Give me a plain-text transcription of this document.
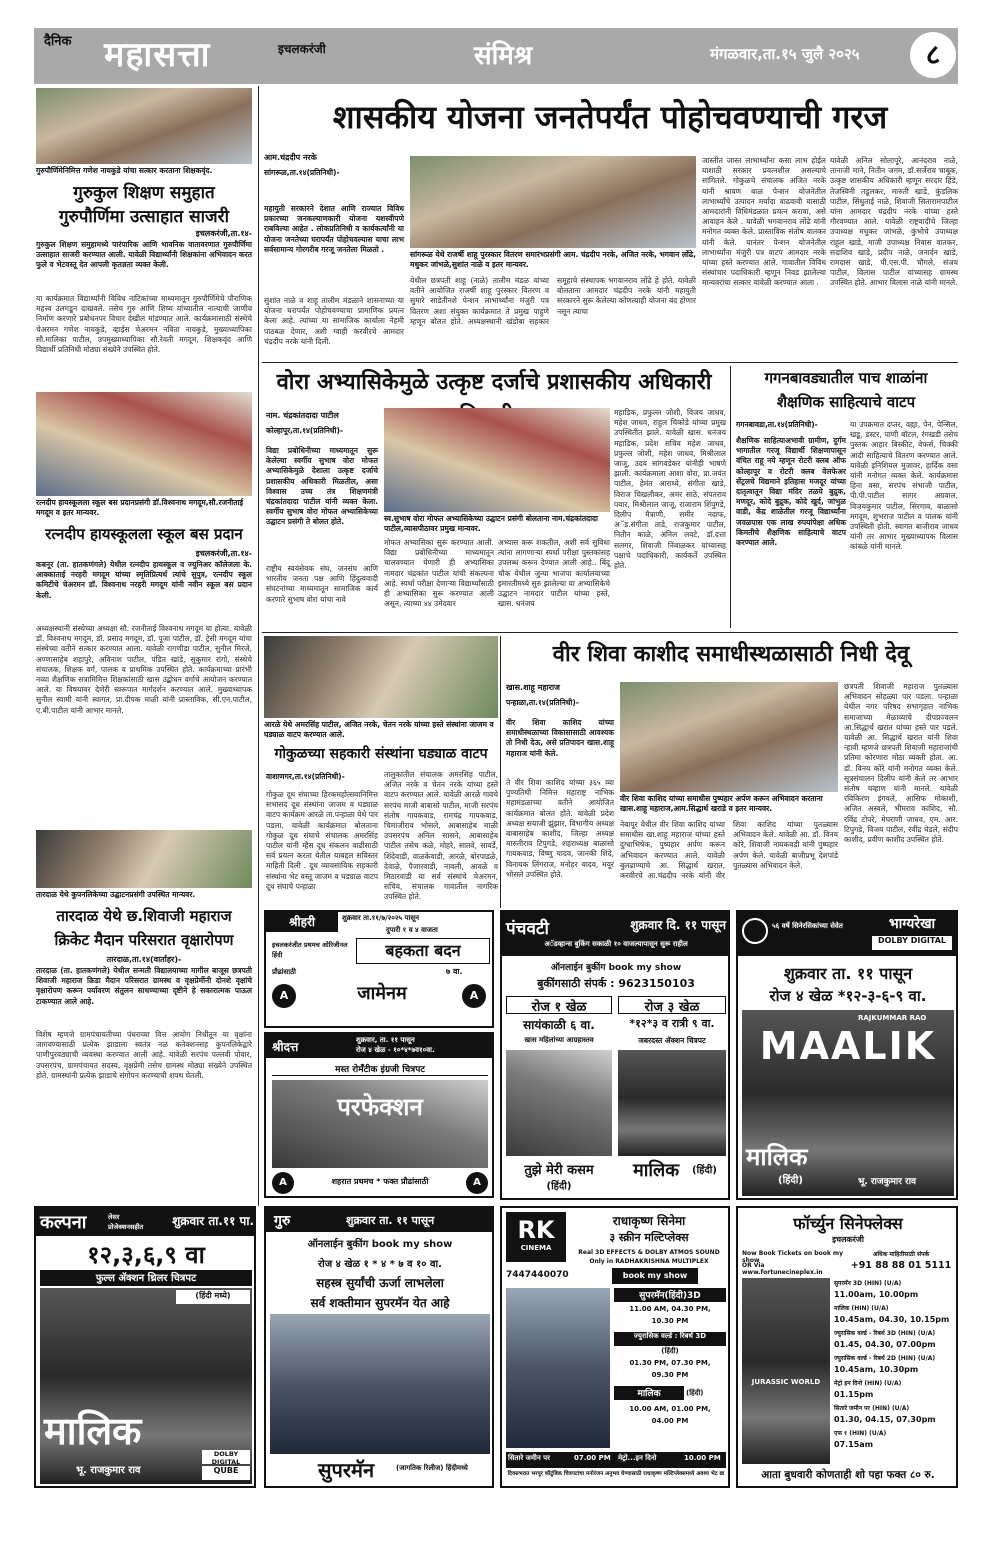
दैनिक महासत्ता	इचलकरंजी	संमिश्र	मंगळवार,ता.१५ जुलै २०२५	८
गुरुपौर्णिमेनिमित्त गणेश नायकुडे यांचा सत्कार करताना शिक्षकवृंद.
गुरुकुल शिक्षण समुहात
गुरुपौर्णिमा उत्साहात साजरी
इचलकरंजी,ता.१४-
गुरुकुल शिक्षण समुहामध्ये पारंपारिक आणि भावनिक वातावरणात गुरुपौर्णिमा उत्साहात साजरी करण्यात आली. यावेळी विद्यार्थ्यांनी शिक्षकांना अभिवादन करत फुले व भेटवस्तू देत आपली कृतज्ञता व्यक्त केली.
या कार्यक्रमात विद्यार्थ्यांनी विविध नाटिकांच्या माध्यमातून गुरुपौर्णिमेचे पौराणिक महत्त्व उलगडून दाखवले. तसेच गुरु आणि शिष्य यांच्यातील नात्याची जाणीव निर्माण करणारे प्रबोधनपर विचार देखील मांडण्यात आले. कार्यक्रमासाठी संस्थेचे चेअरमन गणेश नायकुडे, व्हाईस चेअरमन नविता नायकुडे, मुख्याध्यापिका सौ.मालिका पाटील, उपमुख्याध्यापिका सौ.रेवती मगदूम, शिक्षकवृंद आणि विद्यार्थी प्रतिनिधी मोठ्या संख्येने उपस्थित होते.
रत्नदीप हायस्कूलला स्कूल बस प्रदानप्रसंगी डॉ.विश्वनाथ मगदूम,सौ.रजनीताई मगदूम व इतर मान्यवर.
रत्नदीप हायस्कूलला स्कूल बस प्रदान
इचलकरंजी,ता.१४-
कबनूर (ता. हातकणंगले) येथील रत्नदीप हायस्कूल व ज्युनिअर कॉलेजला के. आक्काताई नरहरी मगदूम यांच्या स्मृतिप्रित्यर्थ त्यांचे सुपुत्र, रत्नदीप स्कूल कमिटीचे चेअरमन डॉ. विश्वनाथ नरहरी मगदूम यांनी नवीन स्कूल बस प्रदान केली.
अध्यक्षस्थानी संस्थेच्या अध्यक्षा सौ. रजनीताई विश्वनाथ मगदूम या होत्या. यावेळी डॉ. विश्वनाथ मगदूम, डॉ. प्रसाद मगदूम, डॉ. पूजा पाटील, डॉ. ट्रेसी मगदूम यांचा संस्थेच्या वतीने सत्कार करण्यात आला. यावेळी रागणीडा पाटील, सुनील मिरजे, अण्णासाहेब शहापुरे, अविनाश पाटील, पंडित खांडे, सुकुमार रांगो, संस्थेचे संचालक, शिक्षक वर्ग, पालक व प्राथमिक उपस्थित होते. कार्यक्रमाच्या प्रारंभी नव्या शैक्षणिक सत्रामिमित्त शिक्षकांसाठी खास उद्बोधन वर्गाचे आयोजन करण्यात आले. या विषयावर देणेरी स्वरूपात मार्गदर्शन करण्यात आले. मुख्याध्यापक सुनील स्वामी यांनी स्वागत, प्रा.दीपक माळी यांनी प्रास्ताविक, सी.एन.पाटील, ए.बी.पाटील यांनी आभार मानले.
तारदाळ येथे कुपनलिकेच्या उद्घाटनप्रसंगी उपस्थित मान्यवर.
तारदाळ येथे छ.शिवाजी महाराज
क्रिकेट मैदान परिसरात वृक्षारोपण
तारदाळ,ता.१४(वार्ताहर)-
तारदाळ (ता. हातकणंगले) येथील सन्मती विद्यालयाच्या मागील बाजूस छत्रपती शिवाजी महाराज क्रिडा मैदान परिसरात ग्रामस्थ व वृक्षप्रेमींनी दोनशे वृक्षांचे वृक्षारोपण करून पर्यावरण संतुलन साधण्याच्या दृष्टीने हे सकारात्मक पाऊल टाकण्यात आले आहे.
विशेष म्हणजे ग्रामपंचायतीच्या पंधराव्या वित्त आयोग निधीतून या वृक्षांना जागवण्यासाठी प्रत्येक झाडाला स्वतंत्र नळ कनेक्शनसह कुपनलिकेद्वारे पाणीपुरवठ्याची व्यवस्था करण्यात आली आहे. यावेळी सरपंच पल्लवी पोवार, उपसरपंच, ग्रामपंचायत सदस्य, वृक्षप्रेमी तसेच ग्रामस्थ मोठ्या संख्येने उपस्थित होते. ग्रामस्थांनी प्रत्येक झाडाचे संगोपन करण्याची शपथ घेतली.
शासकीय योजना जनतेपर्यंत पोहोचवण्याची गरज
आम.चंद्रदीप नरके
सांगरूळ,ता.१४(प्रतिनिधी)-
महायुती सरकारने देशात आणि राज्यात विविध प्रकारच्या जनकल्याणकारी योजना यशस्वीपणे राबविल्या आहेत . लोकप्रतिनिधी व कार्यकर्त्यांनी या योजना जनतेच्या घरापर्यंत पोहोचवल्यास याचा लाभ सर्वसामान्य गोरगरीब गरजू जनतेला मिळतो .
सुशांत नाळे व शाहू तालीम मंडळाने शासनाच्या या योजना घरापर्यंत पोहोचवण्याचा प्रामाणिक प्रयत्न केला आहे. त्यांच्या या सामाजिक कार्याला नेहमी पाठबळ देणार, अशी ग्वाही करवीरचे आमदार चंद्रदीप नरके यांनी दिली.
सांगरूळ येथे राजर्षी शाहू पुरस्कार वितरण समारंभप्रसंगी आम. चंद्रदीप नरके, अजित नरके, भगवान लोंढे, मधुकर जांभळे,सुशांत नाळे व इतर मान्यवर.
येथील छत्रपती शाहू (नाळे) तालीम मंडळ यांच्या वतीने आयोजित राजर्षी शाहू पुरस्कार वितरण व सुमारे साडेतीनशे पेन्शन लाभार्थ्यांना मंजुरी पत्र वितरण अशा संयुक्त कार्यक्रमात ते प्रमुख पाहुणे म्हणून बोलत होते. अध्यक्षस्थानी खंडोबा सहकार समूहाचे संस्थापक भगवानराव लोंढे हे होते. यावेळी बोलताना आमदार चंद्रदीप नरके यांनी महायुती सरकारने सुरू केलेल्या कोणत्याही योजना बंद होणार नसून त्याचा
जास्तीत जास्त लाभार्थ्यांना कसा लाभ होईल याशाठी सरकार प्रयत्नशील असल्याचे सांगितले. गोकुळचे संचालक अजित नरके यांनी श्रावण बाळ पेन्शन योजनेतील लाभार्थ्यांचे उत्पादन मर्यादा वाढवावी यासाठी आमदारांनी विधिमंडळात प्रयत्न करावा, असे आवाहन केले . यावेळी भगवानराव लोंढे यांनी मनोगत व्यक्त केले. प्रास्ताविक संतोष वातकर यांनी केले. यानंतर पेन्शन योजनेतील लाभार्थ्यांना मंजुरी पत्र वाटप आमदार नरके यांच्या हस्ते करण्यात आले. गावातील विविध संस्थांचार पदाधिकारी म्हणून निवड झालेल्या मान्यवरांचा सत्कार यावेळी करण्यात आला .
यावेळी अनिल सोलापूरे, आनंदराव नाळे, तानाजी माने, नितीन जगम, डॉ.सर्जेराव चाबूक, उत्कृष्ट शासकीय अधिकारी म्हणून सरदार हिंडे, तेजस्विनी तडूलकर, मारुती खाडे, कुंडलिक पाटील, सिंधुताई नाळे, शिवाजी सितारामपाटील यांना आमदार चंद्रदीप नरके यांच्या हस्ते गौरवण्यात आले. यावेळी राष्ट्रवादीचे जिल्हा उपाध्यक्ष मधुकर जांभळे, कुंभोचे उपाध्यक्ष राहुल खाडे, माजी उपाध्यक्ष निवास वातकर, सदाशिव खाडे, प्रदीप नाळे, जनार्दन खाडे, रामदास खाडे, पी.एस.पी. चौगले, संजय पाटील, विलास पाटील यांच्यासह ग्रामस्थ उपस्थित होते. आभार विलास नाळे यांनी मानले.
वोरा अभ्यासिकेमुळे उत्कृष्ट दर्जाचे प्रशासकीय अधिकारी
नाम. चंद्रकांतदादा पाटील
कोल्हापूर,ता.१४(प्रतिनिधी)-
विद्या प्रबोधिनीच्या माध्यमातून सुरू केलेल्या स्वर्गीय सुभाष वोरा मोफत अभ्यासिकेमुळे देशाला उत्कृष्ट दर्जाचे प्रशासकीय अधिकारी मिळतील, असा विश्वास उच्च तंत्र शिक्षणमंत्री चंद्रकांतदादा पाटील यांनी व्यक्त केला. स्वर्गीय सुभाष वोरा मोफत अभ्यासिकेच्या उद्घाटन प्रसंगी ते बोलत होते.
राष्ट्रीय स्वयंसेवक संघ, जनसंघ आणि भारतीय जनता पक्ष आणि हिंदुत्ववादी संघटनांच्या माध्यमातून सामाजिक कार्य करणारे सुभाष वोरा यांचा नावे
स्व.सुभाष वोरा मोफत अभ्यासिकेच्या उद्घाटन प्रसंगी बोलताना नाम.चंद्रकांतदादा पाटील,व्यासपीठावर प्रमुख मान्यवर.
मोफत अभ्यासिका सुरू करण्यात आली. विद्या प्रबोधिनीच्या माध्यमातून चालवण्यात येणारी ही अभ्यासिका नामदार चंद्रकांत पाटील यांची संकल्पना आहे. स्पर्धा परीक्षा देणाऱ्या विद्यार्थ्यांसाठी ही अभ्यासिका सुरू करण्यात आली असून, त्याच्या ४४ उमेदवार
अभ्यास करू शकतील, अशी सर्व सुविधा त्यांना लागणाऱ्या स्पर्धा परीक्षा पुस्तकांसह उपलब्ध करून देण्यात आली आहे.. बिंदू चौक येथील जुन्या भाजपा कार्यालयाच्या इमारतीमध्ये सुरु झालेल्या या अभ्यासिकेचे उद्घाटन नामदार पाटील यांच्या हस्ते, खास. धनंजय
महाडिक, प्रफुल्ल जोशी, विजय जाधव, महेश जाधव, राहुल चिकोडे यांच्या प्रमुख उपस्थितीत झाले. यावेळी खास. धनंजय महाडिक, प्रदेश सचिव महेश जाधव, प्रफुल्ल जोशी, महेश जाधव, मिश्रीलाल जाजू, उदय सांगवडेकर यांनीही भाषणे झाली. कार्यक्रमाला आशा वोरा, प्रा.जयंत पाटील, हेमंत आराध्ये, संगीता खाडे, विराज चिखलीकर, अमर साठे, संपतराव पवार, मिश्रीलाल जाजू, राजाराम शिंपुगडे, दिलीप मैत्राणी, समीर नदाफ, अॅड.संगीता ताडे, राजकुमार पाटील, नितीन काळे, अनिल लवटे, डॉ.दत्ता सलगर, शिवाजी निंबाळकर यांच्यासह पक्षाचे पदाधिकारी, कार्यकर्ते उपस्थित होते.
गगनबावड्यातील पाच शाळांना
शैक्षणिक साहित्याचे वाटप
गगनबावडा,ता.१४(प्रतिनिधी)-
शैक्षणिक साहित्याअभावी ग्रामीण, दुर्गम भागातील गरजू विद्यार्थी शिक्षणापासून वंचित राहू नये म्हणून रोटरी क्लब ऑफ कोल्हापूर व रोटरी क्लब वेलफेअर सेंट्रलचे विद्यमाने इतिहास मजदूर यांच्या दातृत्वातून विद्या मंदिर तळये बुद्रुक, मणदूर, कोदे बुद्रुक, कोदे खुर्द, जांभुळ वाडी, केंद्र शाळेतील गरजू विद्यार्थ्यांना जवळपास एक लाख रुपयांपेक्षा अधिक किमतीचे शैक्षणिक साहित्याचे वाटप करण्यात आले.
या उपक्रमात दप्तर, वह्या, पेन, पेन्सिल, खडू, डस्टर, पाणी बॉटल, रंगखडी तसेच पुस्तक आहार बिस्कीट, वेफर्स, चिक्की आदी साहित्याचे वितरण करण्यात आले. यावेळी इनिशियल मुजावर, हार्दिक वसा यांनी मनोगत व्यक्त केले. कार्यक्रमास हिना वसा, सरपंच संभाजी पाटील, पी.पी.पाटील सागर अग्रवाल, विजयकुमार पाटील, सिरगाव, बाळासो मगदूम, शुभराज पाटील व पालक यांनी उपस्थिती होती. स्वागत बाजीराव जाधव यांनी तर आभार मुख्याध्यापक विलास कांबळे यांनी मानले.
आरळे येथे अमरसिंह पाटील, अजित नरके, चेतन नरके यांच्या हस्ते संस्थांना जाजम व घड्याळ वाटप करण्यात आले.
गोकुळच्या सहकारी संस्थांना घड्याळ वाटप
वाशाणगर,ता.१४(प्रतिनिधी)-
गोकुळ दूध संघाच्या हिरकमहोत्सवानिमित्त सभासद दूध संस्थांना जाजम व घड्याळ वाटप कार्यक्रम आरळे ता.पन्हाळा येथे पार पडला. यावेळी कार्यक्रमात बोलताना गोकुळ दूध संघाचे संचालक अमरसिंह पाटील यांनी म्हैस दूध संकलन वाढीसाठी सर्व प्रयत्न करता येतील याबद्दल सविस्तर माहिती दिली . दूध व्यावसायिक सहकारी संस्थांना भेट वस्तू जाजम व घड्याळ वाटप दूध संघाचे पन्हाळा
तालुकातील संचालक अमरसिंह पाटील, अजित नरके व चेतन नरके यांच्या हस्ते वाटप करण्यात आले. यावेळी आरळे गावचे सरपंच माजी बाबासो पाटील, माजी सरपंच संतोष गायकवाड, रामचंद्र गायकवाड, चिमाजीराव भोसले, आबासाहेब माळी उपसरपंच अनिल सासने, आबासाहेब पाटील तसेच कळे, मोहरे, सातवे, सावर्डे, शिंदेवाडी, वाळकेवाडी, आरळे, बोरपाडळे, देवाळे, पैजारवाडी, नावली, आवळे व मिठारवाडी या सर्व संस्थांचे चेअरमन, सचिव, संचालक गावातील नागरिक उपस्थित होते.
वीर शिवा काशीद समाधीस्थळासाठी निधी देवू
खास.शाहू महाराज
पन्हाळा,ता.१४(प्रतिनिधी)-
वीर शिवा काशिद यांच्या समाधीस्थळाच्या विकासासाठी आवश्यक तो निधी देऊ, असे प्रतिपादन खास.शाहू महाराज यांनी केले.
ते वीर शिवा काशिद यांच्या ३६५ व्या पुण्यतिथी निमित्त महाराष्ट्र नाभिक महामंडळाच्या वतीने आयोजित कार्यक्रमात बोलत होते. यावेळी प्रदेश अध्यक्ष सयाजी झुंझार, विभागीय अध्यक्ष बाबासाहेब काशीद, जिल्हा अध्यक्ष मारुतीराव टिपुगडे, शहराध्यक्ष बाळासो गायकवाड, विष्णु यादव, जानकी शिंदे, विनायक लिंगराज, मनोहर यादव, मयूर भोसले उपस्थित होते.
वीर शिवा काशिद यांच्या समाधीस पुष्पहार अर्पण करून अभिवादन करताना खास.शाहू महाराज,आम.सिद्धार्थ खराडे व इतर मान्यवर.
नेबापूर येथील वीर शिवा काशिद यांच्या समाधीस खा.शाहू महाराज यांच्या हस्ते दुग्धाभिषेक, पुष्पहार अर्पण करून अभिवादन करण्यात आले. यावेळी बुलढाण्याचे आ. सिद्धार्थ खरात, करवीरचे आ.चंद्रदीप नरके यांनी वीर शिवा काशिद यांच्या पुतळ्यास अभिवादन केले. यावेळी आ. डॉ. विनय कोरे, शिवाजी नायकवडी यांनी पुष्पहार अर्पण केले. यावेळी बाजीप्रभू देशपांडे पुतळ्यास अभिवादन केले.
छत्रपती शिवाजी महाराज पुतळ्यास अभिवादन सोहळ्या पार पडला. पन्हाळा येथील नगर परिषद सभागृहात नाभिक समाजाच्या मेळाव्याचे दीपप्रज्वलन आ.सिद्धार्थ खरात यांच्या हस्ते पार पडले. यावेळी आ. सिद्धार्थ खरात यांनी शिवा न्हावी म्हणजे छत्रपती शिवाजी महाराजांची प्रतिमा कोरणारा मोठा व्यक्ती होता. आ. डॉ. विनय कोरे यांनी मनोगत व्यक्त केले. सूत्रसंचालन दिलीप यांनी केले तर आभार संतोष चव्हाण यांनी मानले. यावेळी रविकिरण इंगवले, आसिफ मोकाशी, अजित अस्वले, भीमराव काशिद, सौ. रविंद्र टोपरे, मेघराणी जाधव, एम. आर. टिपुगडे, विजय पाटील, रवींद्र घेडले, संदीप काशीद, प्रवीण काशीद उपस्थित होते.
श्रीहरी	शुक्रवार ता.११/७/२०२५ पासून
दुपारी १ व ४ वाजता
इचलकरंजीत प्रथमच ओरिजीनल हिंदी	बहकता बदन
प्रौढांसाठी
A	जामेनम
७ वा.
A
श्रीदत्त	शुक्रवार, ता. ११ पासून
रोज ४ खेळ - १०*४*७व१०वा.
मस्त रोमँटीक इंग्रजी चित्रपट
परफेक्शन
A	शहरात प्रथमच * फक्त प्रौढांसाठी	A
पंचवटी	शुक्रवार दि. ११ पासून
अॅडव्हान्स बुकिंग सकाळी १० वाजल्यापासून सुरू राहील
ऑनलाईन बुकींग book my show
बुकींगसाठी संपर्क : 9623150103
रोज १ खेळ
सायंकाळी ६ वा.
खास महिलांच्या आग्रहास्तव
तुझे मेरी कसम
(हिंदी)
रोज ३ खेळ
*१२*३ व रात्री ९ वा.
जबरदस्त ॲक्शन चित्रपट
मालिक	(हिंदी)
५६ वर्षे सिनेरसिकांच्या सेवेत	भाग्यरेखा
DOLBY DIGITAL
शुक्रवार ता. ११ पासून
रोज ४ खेळ *१२-३-६-९ वा.
RAJKUMMAR RAO
MAALIK
मालिक
(हिंदी)	भू. राजकुमार राव
कल्पना	लेसर प्रोजेक्शनसहीत	शुक्रवार ता.११ पा.
१२,३,६,९ वा
फुल्ल ॲक्शन थ्रिलर चित्रपट
(हिंदी मध्ये)
मालिक
भू. राजकुमार राव
DOLBY DIGITAL
QUBE
गुरु	शुक्रवार ता. ११ पासून
ऑनलाईन बुकींग book my show
रोज ४ खेळ १ * ४ * ७ व १० वा.
सहस्त्र सुर्यांची ऊर्जा लाभलेला
सर्व शक्तीमान सुपरमॅन येत आहे
सुपरमॅन	(जागतिक रिलीज) हिंदीमध्ये
RK
CINEMA
राधाकृष्ण सिनेमा
३ स्क्रीन मल्टिप्लेक्स
Real 3D EFFECTS & DOLBY ATMOS SOUND Only in RADHAKRISHNA MULTIPLEX
7447440070	book my show
सुपरमॅन(हिंदी)3D
11.00 AM, 04.30 PM,
10.30 PM
ज्युरासिक वर्ल्ड : रिबर्थ 3D
(हिंदी)
01.30 PM, 07.30 PM,
09.30 PM
मालिक	(हिंदी)
10.00 AM, 01.00 PM,
04.00 PM
सितारे जमीन पर	07.00 PM	मेट्रो...इन दिनो	10.00 PM
दिवसभरात भरपूर कौटुंबिक चित्रपटांचा मनोरंजन अनुभव घेण्यासाठी राधाकृष्ण मल्टिप्लेक्समध्ये अवश्य भेट द्या
फॉर्च्युन सिनेफ्लेक्स
इचलकरंजी
Now Book Tickets on book my show
OR Via www.fortunecineplex.in
अधिक माहितीसाठी संपर्क
+91 88 88 01 5111
JURASSIC WORLD
सुपरमॅन 3D (HIN) (U/A)
11.00am, 10.00pm
मालिक (HIN) (U/A)
10.45am, 04.30, 10.15pm
ज्युरासिक वर्ल्ड - रिबर्थ 3D (HIN) (U/A)
01.45, 04.30, 07.00pm
ज्युरासिक वर्ल्ड - रिबर्थ 2D (HIN) (U/A)
10.45am, 10.30pm
मेट्रो इन दिनो (HIN) (U/A)
01.15pm
सितारे जमीन पर (HIN) (U/A)
01.30, 04.15, 07.30pm
एफ १ (HIN) (U/A)
07.15am
आता बुधवारी कोणताही शो पहा फक्त ८० रु.
